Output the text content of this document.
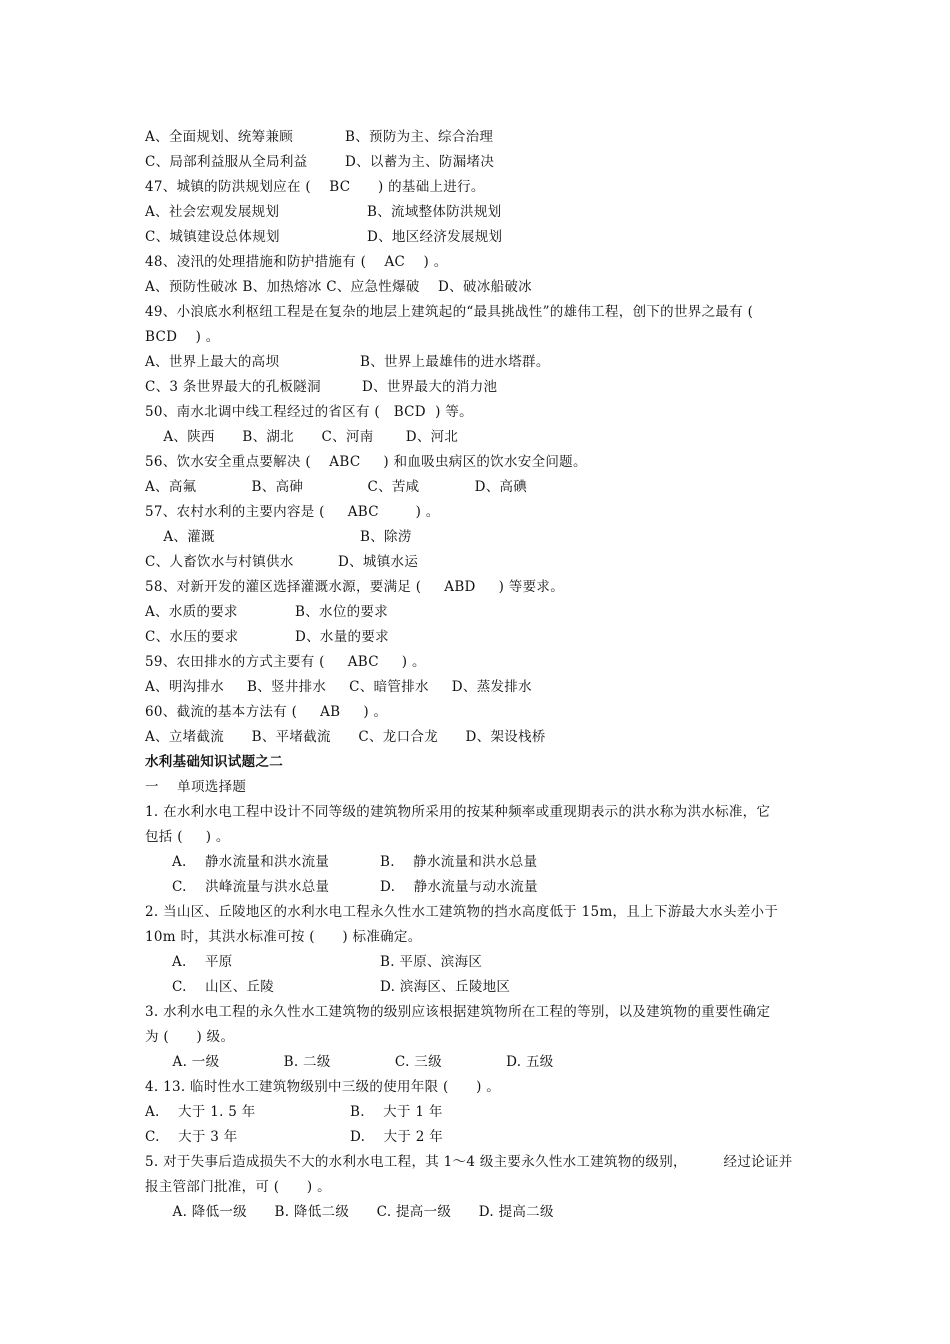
A、全面规划、统筹兼顾	B、预防为主、综合治理
C、局部利益服从全局利益	D、以蓄为主、防漏堵决
47、城镇的防洪规划应在 (    BC      ) 的基础上进行。
A、社会宏观发展规划	B、流域整体防洪规划
C、城镇建设总体规划	D、地区经济发展规划
48、凌汛的处理措施和防护措施有 (    AC    ) 。
A、预防性破冰 B、加热熔冰 C、应急性爆破    D、破冰船破冰
49、小浪底水利枢纽工程是在复杂的地层上建筑起的“最具挑战性”的雄伟工程，创下的世界之最有 (
BCD    ) 。
A、世界上最大的高坝	B、世界上最雄伟的进水塔群。
C、3 条世界最大的孔板隧洞	D、世界最大的消力池
50、南水北调中线工程经过的省区有 (   BCD  ) 等。
A、陕西      B、湖北      C、河南       D、河北
56、饮水安全重点要解决 (    ABC     ) 和血吸虫病区的饮水安全问题。
A、高氟            B、高砷              C、苦咸            D、高碘
57、农村水利的主要内容是 (     ABC        ) 。
A、灌溉	B、除涝
C、人畜饮水与村镇供水	D、城镇水运
58、对新开发的灌区选择灌溉水源，要满足 (     ABD     ) 等要求。
A、水质的要求	B、水位的要求
C、水压的要求	D、水量的要求
59、农田排水的方式主要有 (     ABC     ) 。
A、明沟排水     B、竖井排水     C、暗管排水     D、蒸发排水
60、截流的基本方法有 (     AB     ) 。
A、立堵截流      B、平堵截流      C、龙口合龙      D、架设栈桥
水利基础知识试题之二
一    单项选择题
1. 在水利水电工程中设计不同等级的建筑物所采用的按某种频率或重现期表示的洪水称为洪水标准，它
包括 (     ) 。
A.    静水流量和洪水流量	B.    静水流量和洪水总量
C.    洪峰流量与洪水总量	D.    静水流量与动水流量
2. 当山区、丘陵地区的水利水电工程永久性水工建筑物的挡水高度低于 15m，且上下游最大水头差小于
10m 时，其洪水标准可按 (      ) 标准确定。
A.    平原	B. 平原、滨海区
C.    山区、丘陵	D. 滨海区、丘陵地区
3. 水利水电工程的永久性水工建筑物的级别应该根据建筑物所在工程的等别，以及建筑物的重要性确定
为 (      ) 级。
A. 一级              B. 二级              C. 三级              D. 五级
4. 13. 临时性水工建筑物级别中三级的使用年限 (      ) 。
A.    大于 1. 5 年	B.    大于 1 年
C.    大于 3 年	D.    大于 2 年
5. 对于失事后造成损失不大的水利水电工程，其 1～4 级主要永久性水工建筑物的级别，        经过论证并
报主管部门批准，可 (      ) 。
A. 降低一级      B. 降低二级      C. 提高一级      D. 提高二级
